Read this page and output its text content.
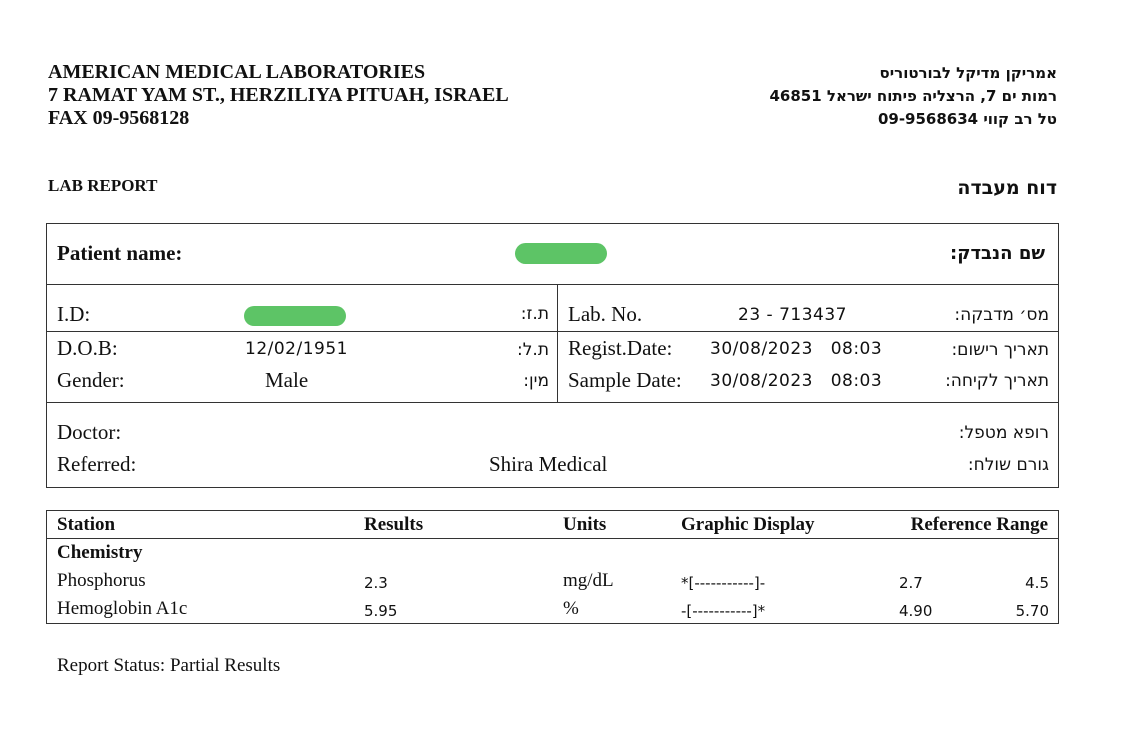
AMERICAN MEDICAL LABORATORIES
7 RAMAT YAM ST., HERZILIYA PITUAH, ISRAEL
FAX 09-9568128
אמריקן מדיקל לבורטוריס
רמות ים 7, הרצליה פיתוח ישראל 46851
טל רב קווי 09-9568634
LAB REPORT	דוח מעבדה
Patient name:	שם הנבדק:
I.D:	ת.ז:
D.O.B:	12/02/1951	ת.ל:
Gender:	Male	מין:
Lab. No.	23 - 713437	מס׳ מדבקה:
Regist.Date: 30/08/2023   08:03	תאריך רישום:
Sample Date: 30/08/2023   08:03	תאריך לקיחה:
Doctor:	רופא מטפל:
Referred:	Shira Medical	גורם שולח:
Station	Results	Units	Graphic Display	Reference Range
Chemistry
Phosphorus	2.3	mg/dL	*[-----------]-	2.7	4.5
Hemoglobin A1c	5.95	%	-[-----------]*	4.90	5.70
Report Status: Partial Results
